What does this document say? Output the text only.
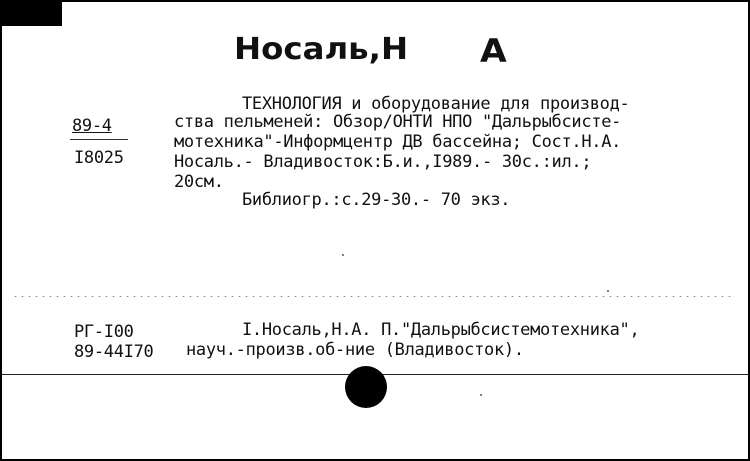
Носаль,Н А
89-4
I8025
ТЕХНОЛОГИЯ и оборудование для производ-
ства пельменей: Обзор/ОНТИ НПО "Дальрыбсисте-
мотехника"-Информцентр ДВ бассейна; Сост.Н.А.
Носаль.- Владивосток:Б.и.,I989.- 30с.:ил.;
20см.
Библиогр.:с.29-30.- 70 экз.
РГ-I00
89-44I70
I.Носаль,Н.А. П."Дальрыбсистемотехника",
науч.-произв.об-ние (Владивосток).
